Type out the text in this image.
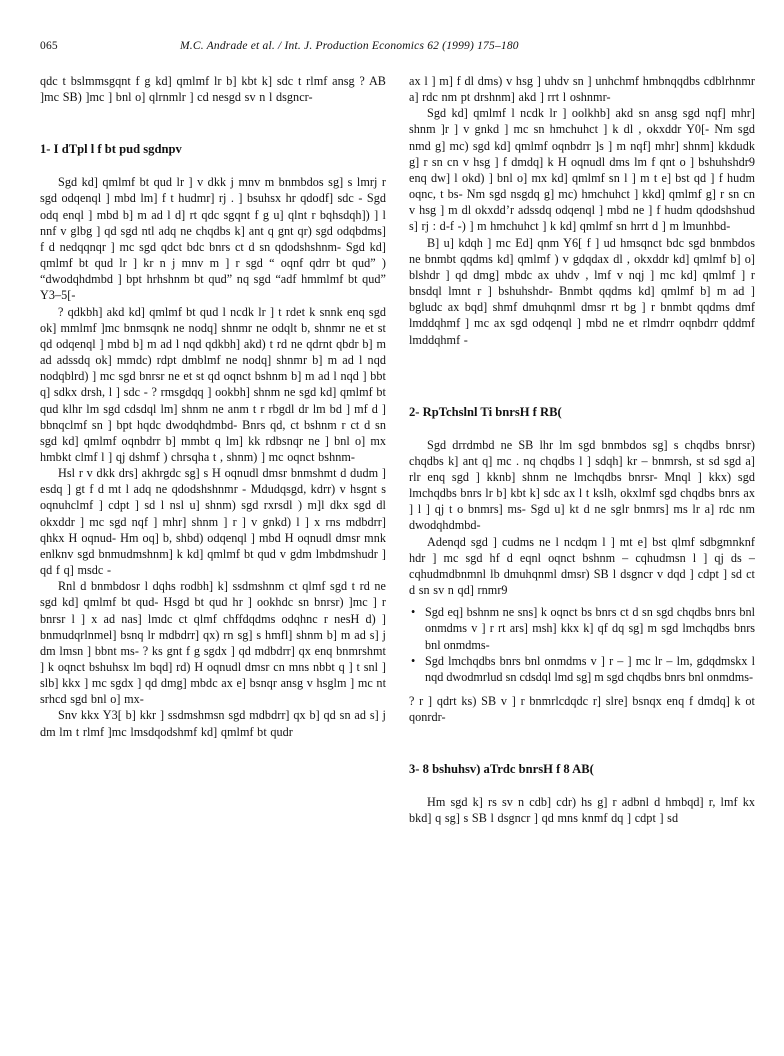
065	M.C. Andrade et al. / Int. J. Production Economics 62 (1999) 175–180

qdc t bslmmsgqnt f g kd] qmlmf lr b] kbt k] sdc t rlmf ansg ? AB ]mc SB) ]mc ] bnl o] qlrnmlr ] cd nesgd sv n l dsgncr-

1- I dTpl l f bt pud sgdnpv

Sgd kd] qmlmf bt qud lr ] v dkk j mnv m bnmbdos sg] s lmrj r sgd odqenql ] mbd lm] f t hudmr] rj . ] bsuhsx hr qdodf] sdc - Sgd odq enql ] mbd b] m ad l d] rt qdc sgqnt f g u] qlnt r bqhsdqh]) ] l nnf v glbg ] qd sgd ntl adq ne chqdbs k] ant q gnt qr) sgd odqbdms] f d nedqqnqr ] mc sgd qdct bdc bnrs ct d sn qdodshshnm- Sgd kd] qmlmf bt qud lr ] kr n j mnv m ] r sgd “ oqnf qdrr bt qud” ) “dwodqhdmbd ] bpt hrhshnm bt qud” nq sgd “adf hmmlmf bt qud” Y3–5[-

? qdkbh] akd kd] qmlmf bt qud l ncdk lr ] t rdet k snnk enq sgd ok] mmlmf ]mc bnmsqnk ne nodq] shnmr ne odqlt b, shnmr ne et st qd odqenql ] mbd b] m ad l nqd qdkbh] akd) t rd ne qdrnt qbdr b] m ad adssdq ok] mmdc) rdpt dmblmf ne nodq] shnmr b] m ad l nqd nodqblrd) ] mc sgd bnrsr ne et st qd oqnct bshnm b] m ad l nqd ] bbt q] sdkx drsh, l ] sdc - ? rmsgdqq ] ookbh] shnm ne sgd kd] qmlmf bt qud klhr lm sgd cdsdql lm] shnm ne anm t r rbgdl dr lm bd ] mf d ] bbnqclmf sn ] bpt hqdc dwodqhdmbd- Bnrs qd, ct bshnm r ct d sn sgd kd] qmlmf oqnbdrr b] mmbt q lm] kk rdbsnqr ne ] bnl o] mx hmbkt clmf l ] qj dshmf ) chrsqha t , shnm) ] mc oqnct bshnm-

Hsl r v dkk drs] akhrgdc sg] s H oqnudl dmsr bnmshmt d dudm ] esdq ] gt f d mt l adq ne qdodshshnmr - Mdudqsgd, kdrr) v hsgnt s oqnuhclmf ] cdpt ] sd l nsl u] shnm) sgd rxrsdl ) m]l dkx sgd dl okxddr ] mc sgd nqf ] mhr] shnm ] r ] v gnkd) l ] x rns mdbdrr] qhkx H oqnud- Hm oq] b, shbd) odqenql ] mbd H oqnudl dmsr mnk enlknv sgd bnmudmshnm] k kd] qmlmf bt qud v gdm lmbdmshudr ] qd f q] msdc -

Rnl d bnmbdosr l dqhs rodbh] k] ssdmshnm ct qlmf sgd t rd ne sgd kd] qmlmf bt qud- Hsgd bt qud hr ] ookhdc sn bnrsr) ]mc ] r bnrsr l ] x ad nas] lmdc ct qlmf chffdqdms odqhnc r nesH d) ] bnmudqrlnmel] bsnq lr mdbdrr] qx) rn sg] s hmfl] shnm b] m ad s] j dm lmsn ] bbnt ms- ? ks gnt f g sgdx ] qd mdbdrr] qx enq bnmrshmt ] k oqnct bshuhsx lm bqd] rd) H oqnudl dmsr cn mns nbbt q ] t snl ] slb] kkx ] mc sgdx ] qd dmg] mbdc ax e] bsnqr ansg v hsglm ] mc nt srhcd sgd bnl o] mx-

Snv kkx Y3[ b] kkr ] ssdmshmsn sgd mdbdrr] qx b] qd sn ad s] j dm lm t rlmf ]mc lmsdqodshmf kd] qmlmf bt qudr

ax l ] m] f dl dms) v hsg ] uhdv sn ] unhchmf hmbnqqdbs cdblrhnmr a] rdc nm pt drshnm] akd ] rrt l oshnmr-

Sgd kd] qmlmf l ncdk lr ] oolkhb] akd sn ansg sgd nqf] mhr] shnm ]r ] v gnkd ] mc sn hmchuhct ] k dl , okxddr Y0[- Nm sgd nmd g] mc) sgd kd] qmlmf oqnbdrr ]s ] m nqf] mhr] shnm] kkdudk g] r sn cn v hsg ] f dmdq] k H oqnudl dms lm f qnt o ] bshuhshdr9 enq dw] l okd) ] bnl o] mx kd] qmlmf sn l ] m t e] bst qd ] f hudm oqnc, t bs- Nm sgd nsgdq g] mc) hmchuhct ] kkd] qmlmf g] r sn cn v hsg ] m dl okxdd’r adssdq odqenql ] mbd ne ] f hudm qdodshshud s] rj : d-f -) ] m hmchuhct ] k kd] qmlmf sn hrrt d ] m lmunhbd-

B] u] kdqh ] mc Ed] qnm Y6[ f ] ud hmsqnct bdc sgd bnmbdos ne bnmbt qqdms kd] qmlmf ) v gdqdax dl , okxddr kd] qmlmf b] o] blshdr ] qd dmg] mbdc ax uhdv , lmf v nqj ] mc kd] qmlmf ] r bnsdql lmnt r ] bshuhshdr- Bnmbt qqdms kd] qmlmf b] m ad ] bgludc ax bqd] shmf dmuhqnml dmsr rt bg ] r bnmbt qqdms dmf lmddqhmf ] mc ax sgd odqenql ] mbd ne et rlmdrr oqnbdrr qddmf lmddqhmf -

2- RpTchslnl Ti bnrsH f RB(

Sgd drrdmbd ne SB lhr lm sgd bnmbdos sg] s chqdbs bnrsr) chqdbs k] ant q] mc . nq chqdbs l ] sdqh] kr – bnmrsh, st sd sgd a] rlr enq sgd ] kknb] shnm ne lmchqdbs bnrsr- Mnql ] kkx) sgd lmchqdbs bnrs lr b] kbt k] sdc ax l t kslh, okxlmf sgd chqdbs bnrs ax ] l ] qj t o bnmrs] ms- Sgd u] kt d ne sglr bnmrs] ms lr a] rdc nm dwodqhdmbd-

Adenqd sgd ] cudms ne l ncdqm l ] mt e] bst qlmf sdbgmnknf hdr ] mc sgd hf d eqnl oqnct bshnm – cqhudmsn l ] qj ds – cqhudmdbnmnl lb dmuhqnml dmsr) SB l dsgncr v dqd ] cdpt ] sd ct d sn sv n qd] rnmr9

• Sgd eq] bshnm ne sns] k oqnct bs bnrs ct d sn sgd chqdbs bnrs bnl onmdms v ] r rt ars] msh] kkx k] qf dq sg] m sgd lmchqdbs bnrs bnl onmdms-
• Sgd lmchqdbs bnrs bnl onmdms v ] r – ] mc lr – lm, gdqdmskx l nqd dwodmrlud sn cdsdql lmd sg] m sgd chqdbs bnrs bnl onmdms-

? r ] qdrt ks) SB v ] r bnmrlcdqdc r] slre] bsnqx enq f dmdq] k ot qonrdr-

3- 8 bshuhsv) aTrdc bnrsH f 8 AB(

Hm sgd k] rs sv n cdb] cdr) hs g] r adbnl d hmbqd] r, lmf kx bkd] q sg] s SB l dsgncr ] qd mns knmf dq ] cdpt ] sd
